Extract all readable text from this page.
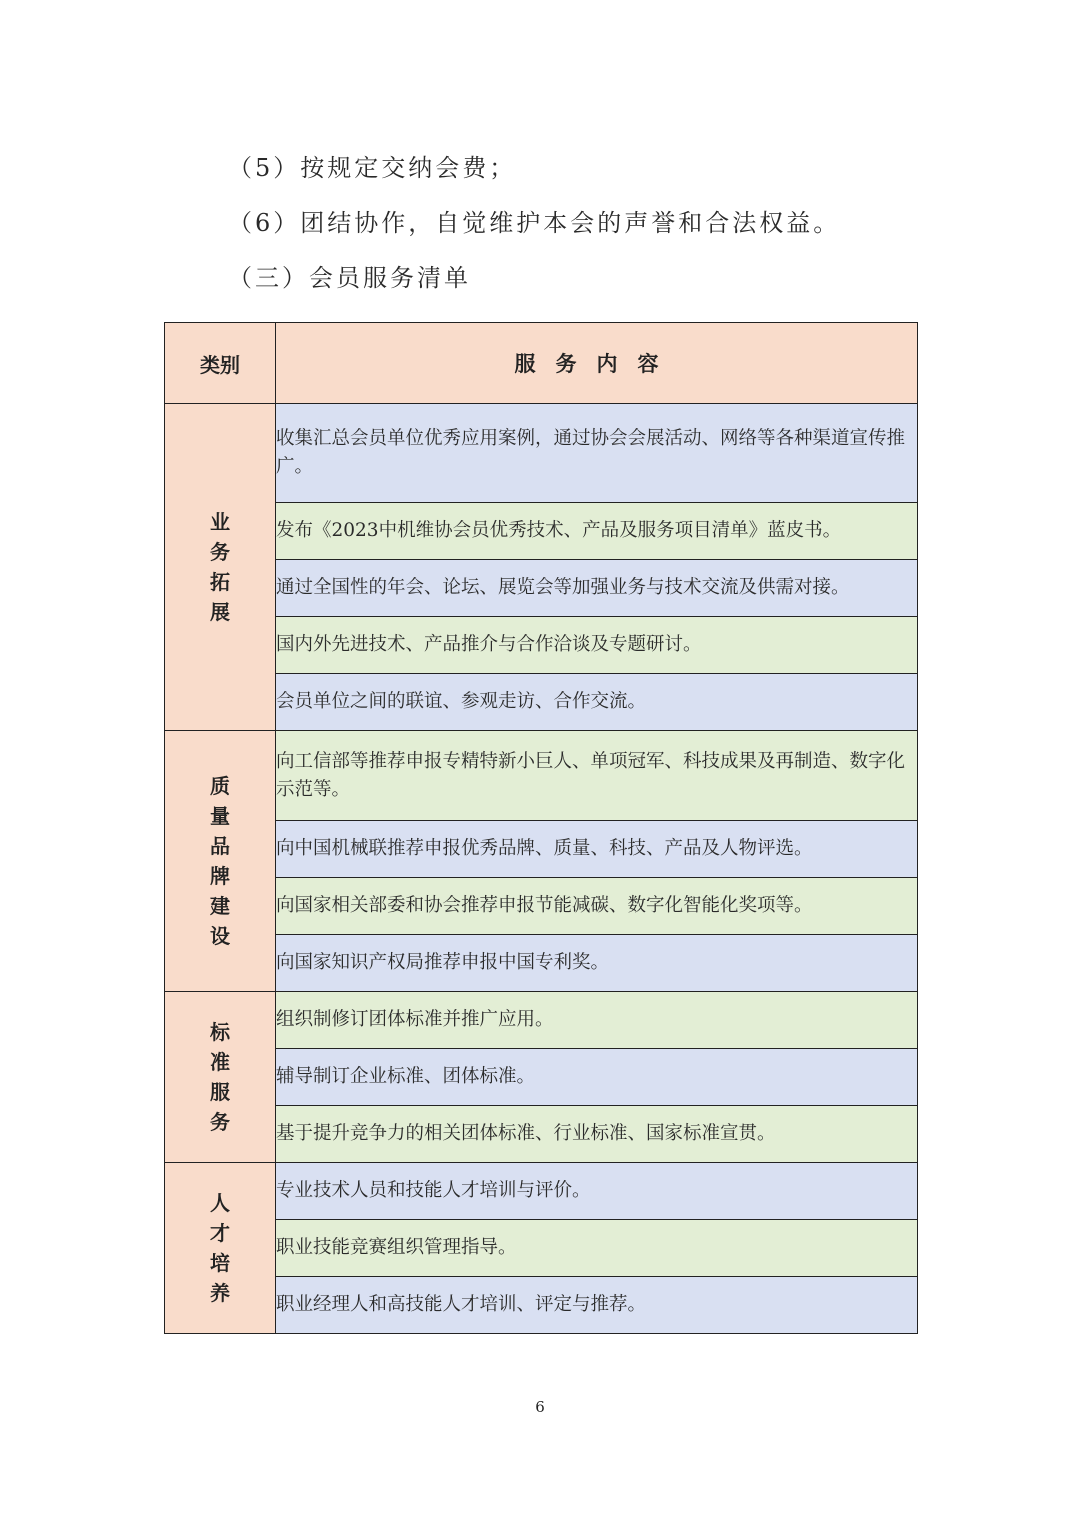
（5）按规定交纳会费；
（6）团结协作，自觉维护本会的声誉和合法权益。
（三）会员服务清单
类别	服务内容
业务拓展	收集汇总会员单位优秀应用案例，通过协会会展活动、网络等各种渠道宣传推广。
	发布《2023中机维协会员优秀技术、产品及服务项目清单》蓝皮书。
	通过全国性的年会、论坛、展览会等加强业务与技术交流及供需对接。
	国内外先进技术、产品推介与合作洽谈及专题研讨。
	会员单位之间的联谊、参观走访、合作交流。
质量品牌建设	向工信部等推荐申报专精特新小巨人、单项冠军、科技成果及再制造、数字化示范等。
	向中国机械联推荐申报优秀品牌、质量、科技、产品及人物评选。
	向国家相关部委和协会推荐申报节能减碳、数字化智能化奖项等。
	向国家知识产权局推荐申报中国专利奖。
标准服务	组织制修订团体标准并推广应用。
	辅导制订企业标准、团体标准。
	基于提升竞争力的相关团体标准、行业标准、国家标准宣贯。
人才培养	专业技术人员和技能人才培训与评价。
	职业技能竞赛组织管理指导。
	职业经理人和高技能人才培训、评定与推荐。
6
